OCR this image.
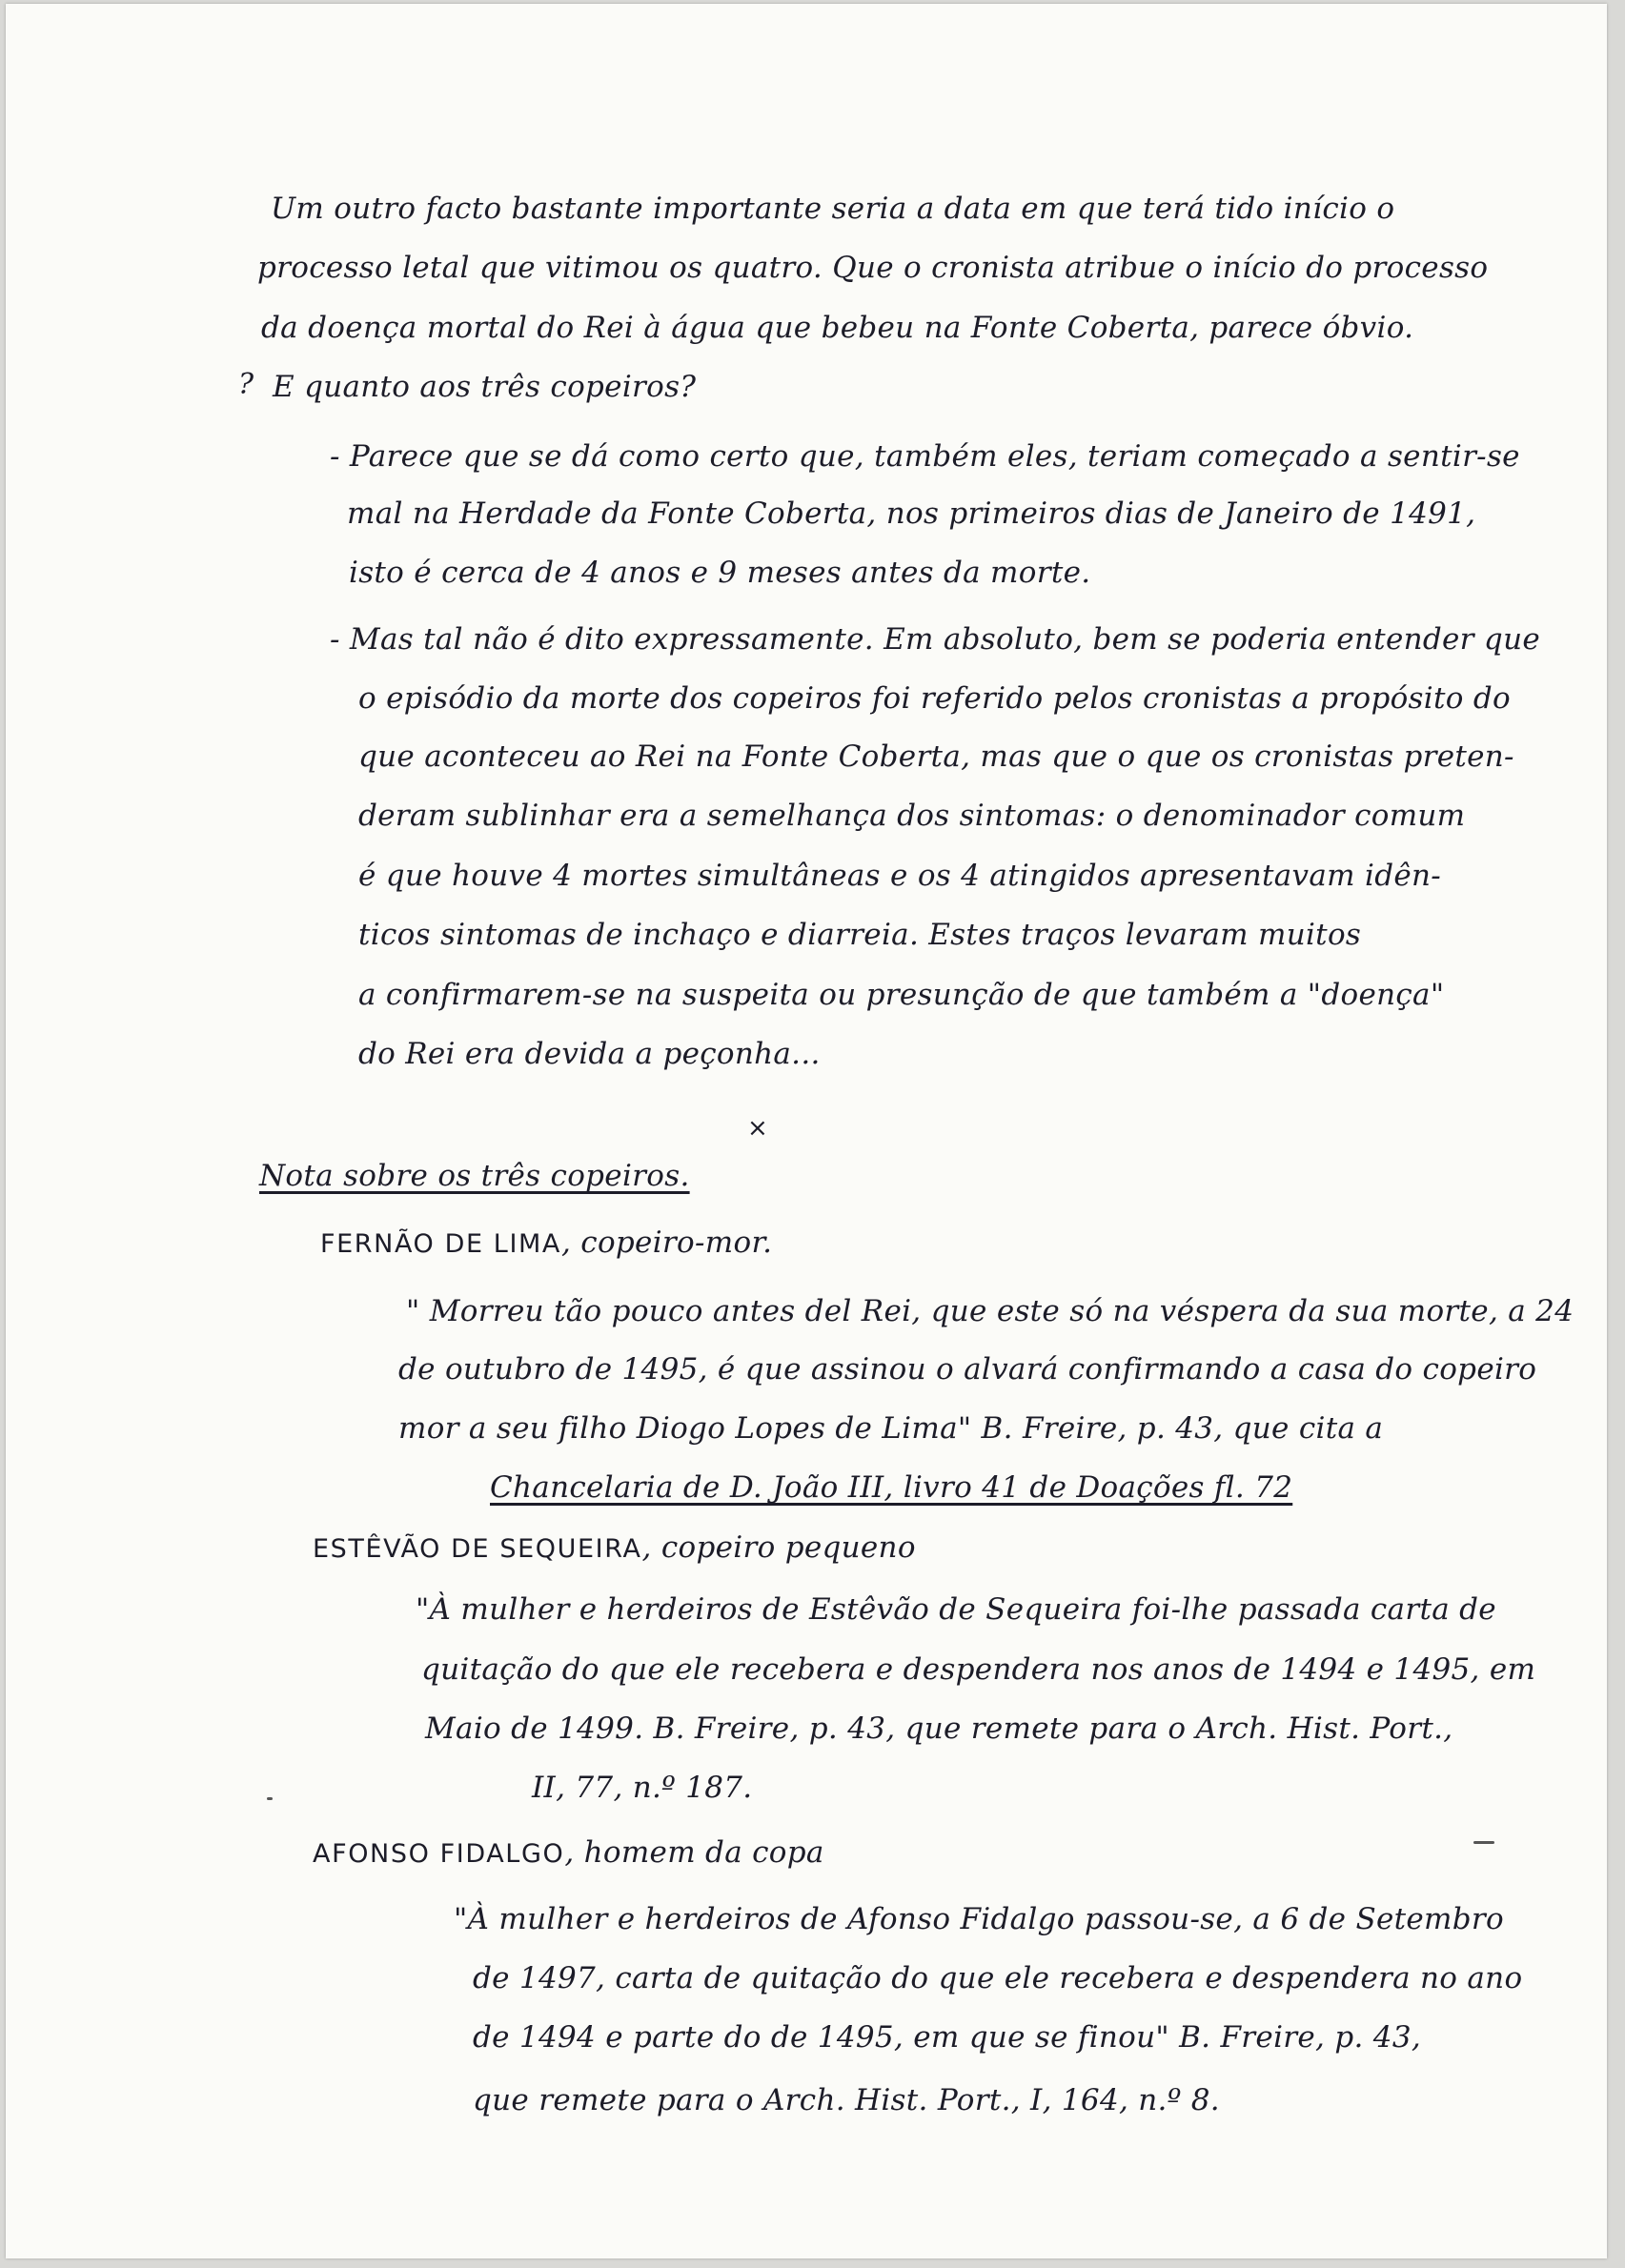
Um outro facto bastante importante seria a data em que terá tido início o

processo letal que vitimou os quatro. Que o cronista atribue o início do processo

da doença mortal do Rei à água que bebeu na Fonte Coberta, parece óbvio.

? E quanto aos três copeiros?

- Parece que se dá como certo que, também eles, teriam começado a sentir-se

mal na Herdade da Fonte Coberta, nos primeiros dias de Janeiro de 1491,

isto é cerca de 4 anos e 9 meses antes da morte.

- Mas tal não é dito expressamente. Em absoluto, bem se poderia entender que

o episódio da morte dos copeiros foi referido pelos cronistas a propósito do

que aconteceu ao Rei na Fonte Coberta, mas que o que os cronistas preten-

deram sublinhar era a semelhança dos sintomas: o denominador comum

é que houve 4 mortes simultâneas e os 4 atingidos apresentavam idên-

ticos sintomas de inchaço e diarreia. Estes traços levaram muitos

a confirmarem-se na suspeita ou presunção de que também a "doença"

do Rei era devida a peçonha...

×

Nota sobre os três copeiros.

FERNÃO DE LIMA, copeiro-mor.

" Morreu tão pouco antes del Rei, que este só na véspera da sua morte, a 24

de outubro de 1495, é que assinou o alvará confirmando a casa do copeiro

mor a seu filho Diogo Lopes de Lima" B. Freire, p. 43, que cita a

Chancelaria de D. João III, livro 41 de Doações fl. 72

ESTÊVÃO DE SEQUEIRA, copeiro pequeno

"À mulher e herdeiros de Estêvão de Sequeira foi-lhe passada carta de

quitação do que ele recebera e despendera nos anos de 1494 e 1495, em

Maio de 1499. B. Freire, p. 43, que remete para o Arch. Hist. Port.,

II, 77, n.º 187.

AFONSO FIDALGO, homem da copa

"À mulher e herdeiros de Afonso Fidalgo passou-se, a 6 de Setembro

de 1497, carta de quitação do que ele recebera e despendera no ano

de 1494 e parte do de 1495, em que se finou" B. Freire, p. 43,

que remete para o Arch. Hist. Port., I, 164, n.º 8.
